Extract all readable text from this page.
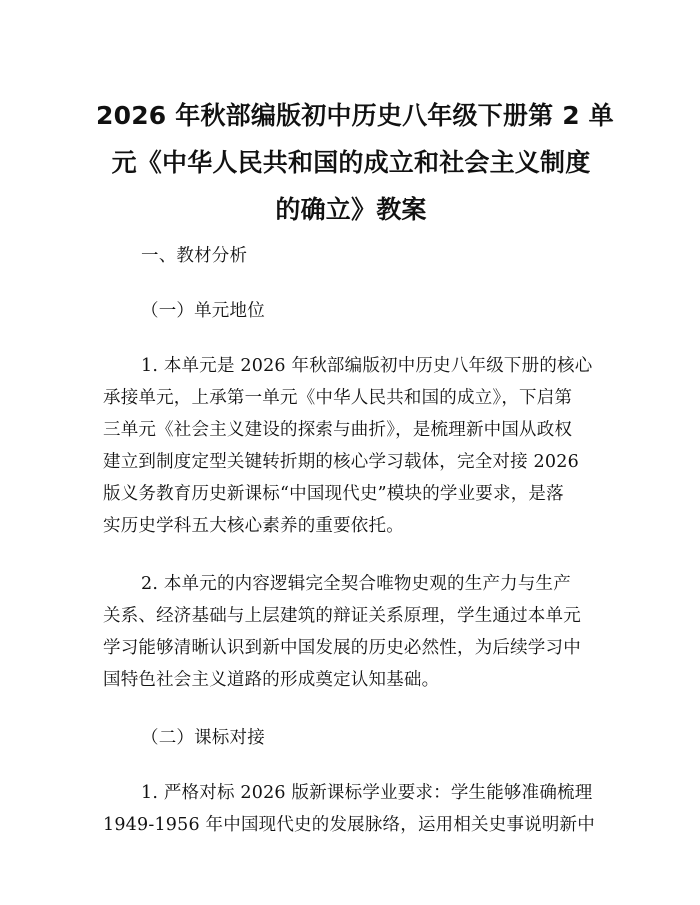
2026 年秋部编版初中历史八年级下册第 2 单
元《中华人民共和国的成立和社会主义制度
的确立》教案
一、教材分析
（一）单元地位
1. 本单元是 2026 年秋部编版初中历史八年级下册的核心
承接单元，上承第一单元《中华人民共和国的成立》，下启第
三单元《社会主义建设的探索与曲折》，是梳理新中国从政权
建立到制度定型关键转折期的核心学习载体，完全对接 2026
版义务教育历史新课标“中国现代史”模块的学业要求，是落
实历史学科五大核心素养的重要依托。
2. 本单元的内容逻辑完全契合唯物史观的生产力与生产
关系、经济基础与上层建筑的辩证关系原理，学生通过本单元
学习能够清晰认识到新中国发展的历史必然性，为后续学习中
国特色社会主义道路的形成奠定认知基础。
（二）课标对接
1. 严格对标 2026 版新课标学业要求：学生能够准确梳理
1949-1956 年中国现代史的发展脉络，运用相关史事说明新中
